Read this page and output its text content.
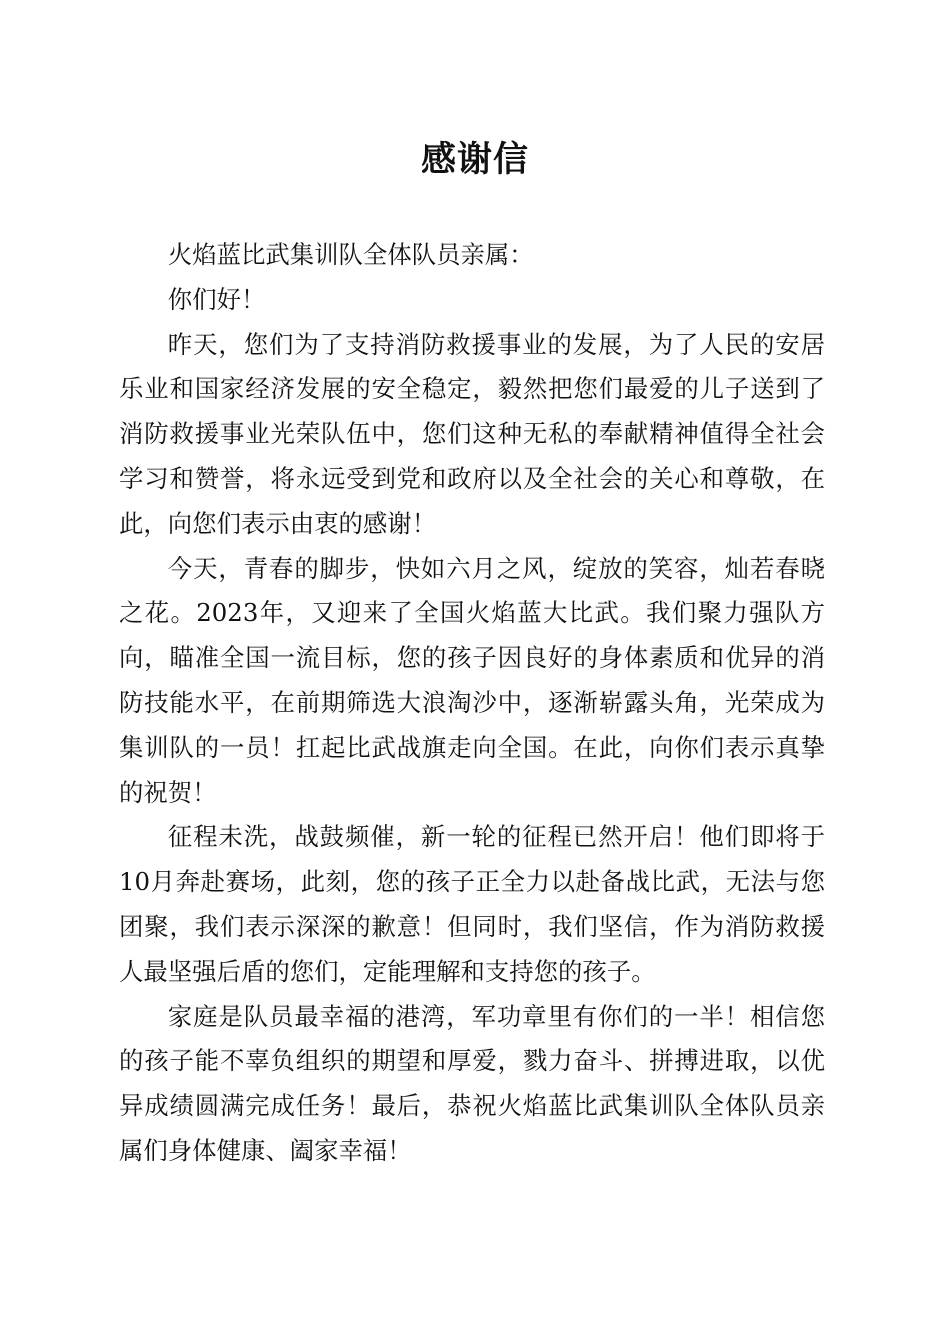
感谢信

火焰蓝比武集训队全体队员亲属：

你们好！

昨天，您们为了支持消防救援事业的发展，为了人民的安居乐业和国家经济发展的安全稳定，毅然把您们最爱的儿子送到了消防救援事业光荣队伍中，您们这种无私的奉献精神值得全社会学习和赞誉，将永远受到党和政府以及全社会的关心和尊敬，在此，向您们表示由衷的感谢！

今天，青春的脚步，快如六月之风，绽放的笑容，灿若春晓之花。2023年，又迎来了全国火焰蓝大比武。我们聚力强队方向，瞄准全国一流目标，您的孩子因良好的身体素质和优异的消防技能水平，在前期筛选大浪淘沙中，逐渐崭露头角，光荣成为集训队的一员！扛起比武战旗走向全国。在此，向你们表示真挚的祝贺！

征程未洗，战鼓频催，新一轮的征程已然开启！他们即将于10月奔赴赛场，此刻，您的孩子正全力以赴备战比武，无法与您团聚，我们表示深深的歉意！但同时，我们坚信，作为消防救援人最坚强后盾的您们，定能理解和支持您的孩子。

家庭是队员最幸福的港湾，军功章里有你们的一半！相信您的孩子能不辜负组织的期望和厚爱，戮力奋斗、拼搏进取，以优异成绩圆满完成任务！最后，恭祝火焰蓝比武集训队全体队员亲属们身体健康、阖家幸福！
